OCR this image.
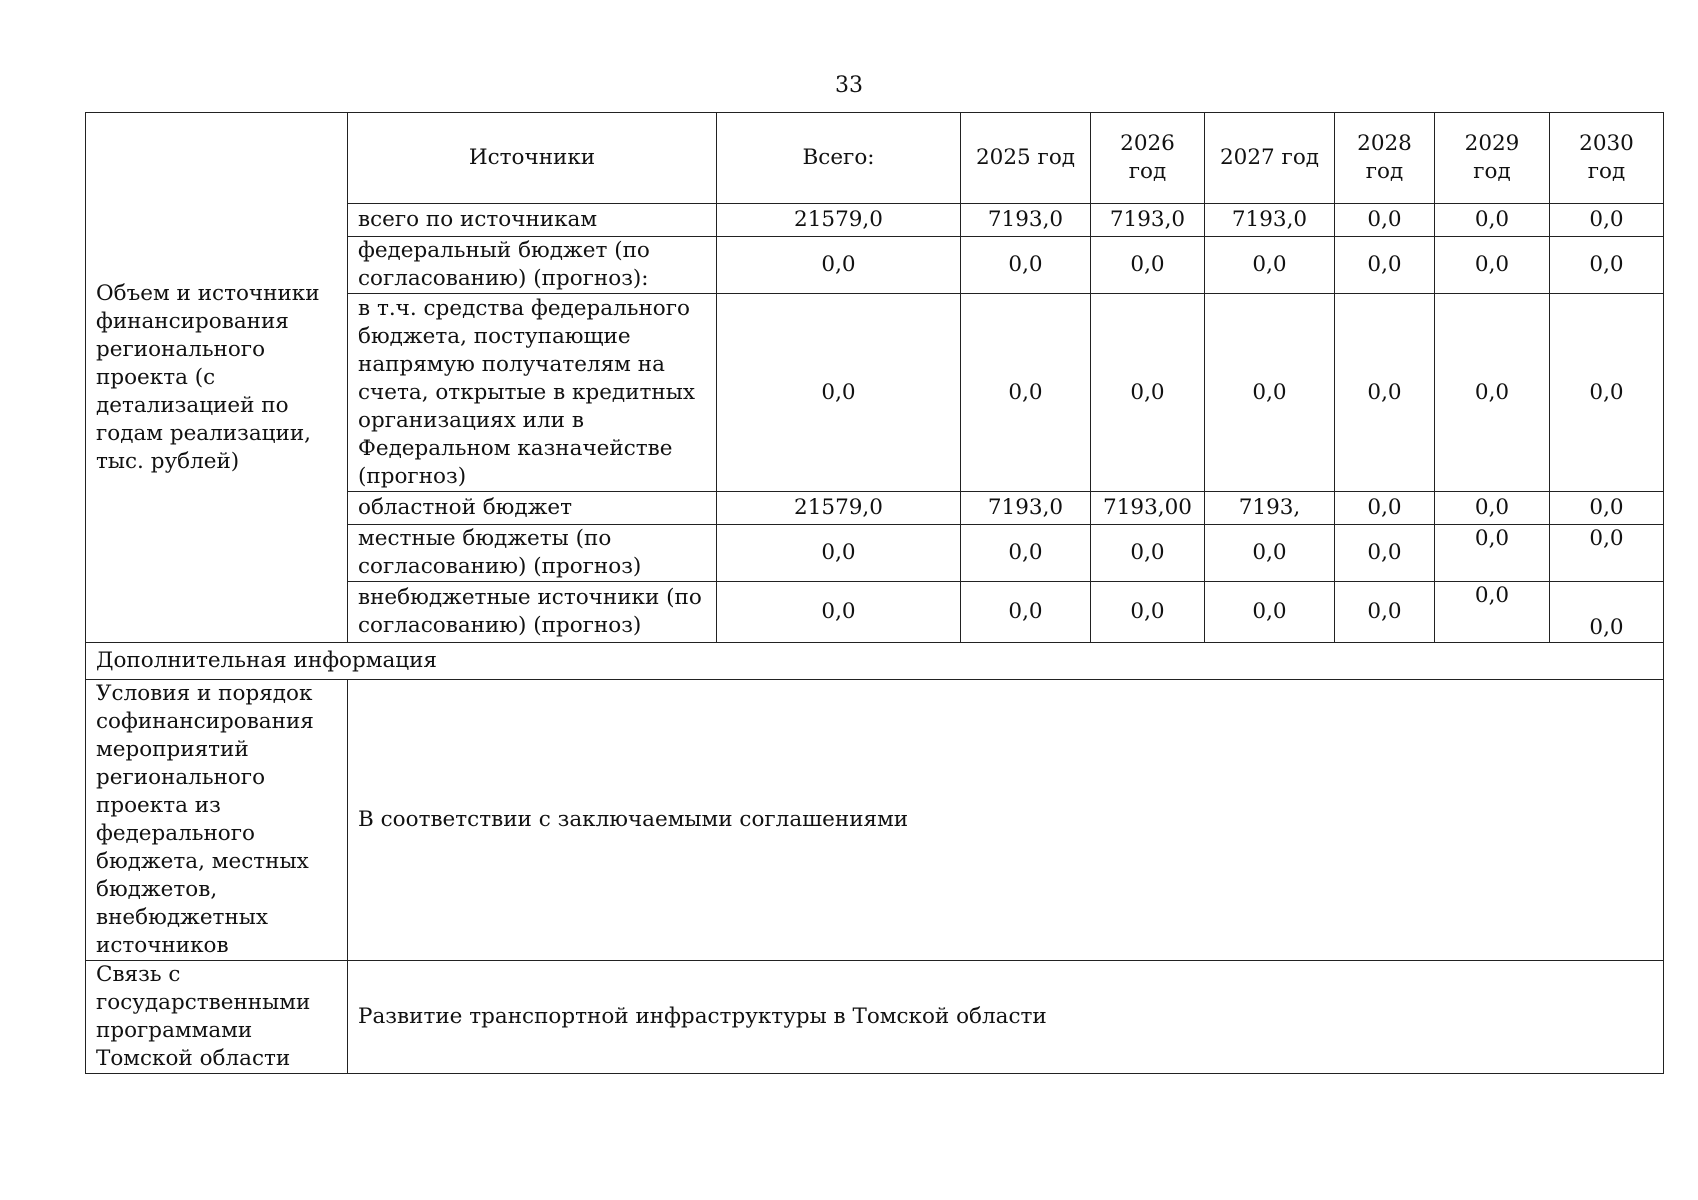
33
Объем и источники финансирования регионального проекта (с детализацией по годам реализации, тыс. рублей)	Источники	Всего:	2025 год	2026 год	2027 год	2028 год	2029 год	2030 год
	всего по источникам	21579,0	7193,0	7193,0	7193,0	0,0	0,0	0,0
	федеральный бюджет (по согласованию) (прогноз):	0,0	0,0	0,0	0,0	0,0	0,0	0,0
	в т.ч. средства федерального бюджета, поступающие напрямую получателям на счета, открытые в кредитных организациях или в Федеральном казначействе (прогноз)	0,0	0,0	0,0	0,0	0,0	0,0	0,0
	областной бюджет	21579,0	7193,0	7193,00	7193,	0,0	0,0	0,0
	местные бюджеты (по согласованию) (прогноз)	0,0	0,0	0,0	0,0	0,0	0,0	0,0
	внебюджетные источники (по согласованию) (прогноз)	0,0	0,0	0,0	0,0	0,0	0,0	0,0
Дополнительная информация								
Условия и порядок софинансирования мероприятий регионального проекта из федерального бюджета, местных бюджетов, внебюджетных источников	В соответствии с заключаемыми соглашениями							
Связь с государственными программами Томской области	Развитие транспортной инфраструктуры в Томской области							
